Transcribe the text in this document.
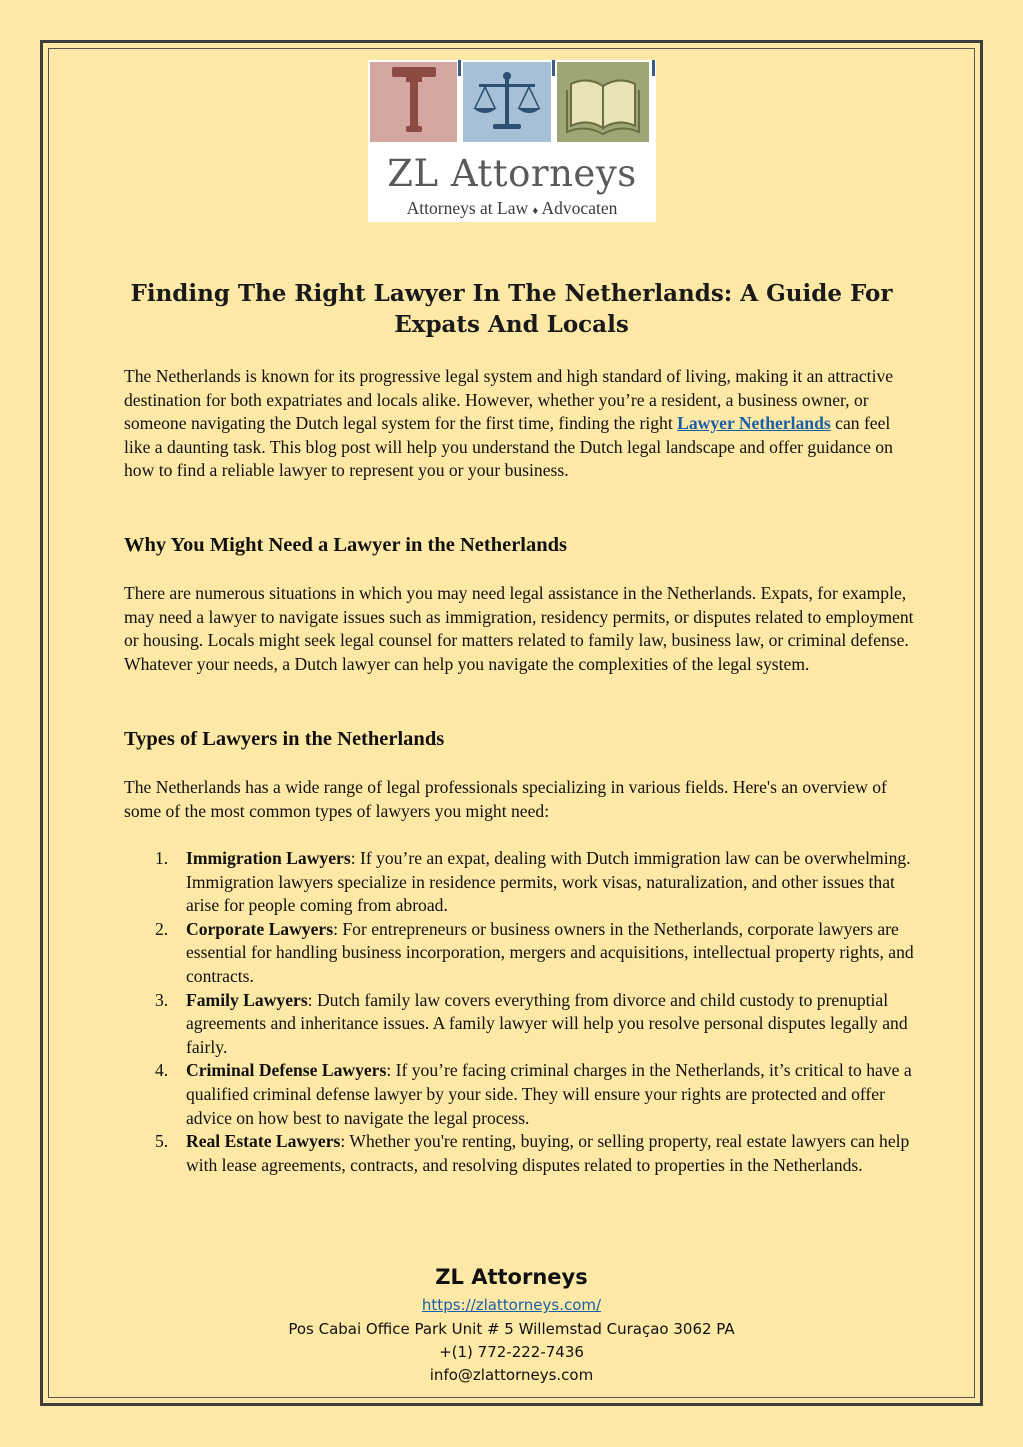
ZL Attorneys
Attorneys at Law ♦ Advocaten
Finding The Right Lawyer In The Netherlands: A Guide For
Expats And Locals
The Netherlands is known for its progressive legal system and high standard of living, making it an attractive destination for both expatriates and locals alike. However, whether you’re a resident, a business owner, or someone navigating the Dutch legal system for the first time, finding the right Lawyer Netherlands can feel like a daunting task. This blog post will help you understand the Dutch legal landscape and offer guidance on how to find a reliable lawyer to represent you or your business.
Why You Might Need a Lawyer in the Netherlands
There are numerous situations in which you may need legal assistance in the Netherlands. Expats, for example, may need a lawyer to navigate issues such as immigration, residency permits, or disputes related to employment or housing. Locals might seek legal counsel for matters related to family law, business law, or criminal defense. Whatever your needs, a Dutch lawyer can help you navigate the complexities of the legal system.
Types of Lawyers in the Netherlands
The Netherlands has a wide range of legal professionals specializing in various fields. Here's an overview of some of the most common types of lawyers you might need:
1. Immigration Lawyers: If you’re an expat, dealing with Dutch immigration law can be overwhelming. Immigration lawyers specialize in residence permits, work visas, naturalization, and other issues that arise for people coming from abroad.
2. Corporate Lawyers: For entrepreneurs or business owners in the Netherlands, corporate lawyers are essential for handling business incorporation, mergers and acquisitions, intellectual property rights, and contracts.
3. Family Lawyers: Dutch family law covers everything from divorce and child custody to prenuptial agreements and inheritance issues. A family lawyer will help you resolve personal disputes legally and fairly.
4. Criminal Defense Lawyers: If you’re facing criminal charges in the Netherlands, it’s critical to have a qualified criminal defense lawyer by your side. They will ensure your rights are protected and offer advice on how best to navigate the legal process.
5. Real Estate Lawyers: Whether you're renting, buying, or selling property, real estate lawyers can help with lease agreements, contracts, and resolving disputes related to properties in the Netherlands.
ZL Attorneys
https://zlattorneys.com/
Pos Cabai Office Park Unit # 5 Willemstad Curaçao 3062 PA
+(1) 772-222-7436
info@zlattorneys.com
